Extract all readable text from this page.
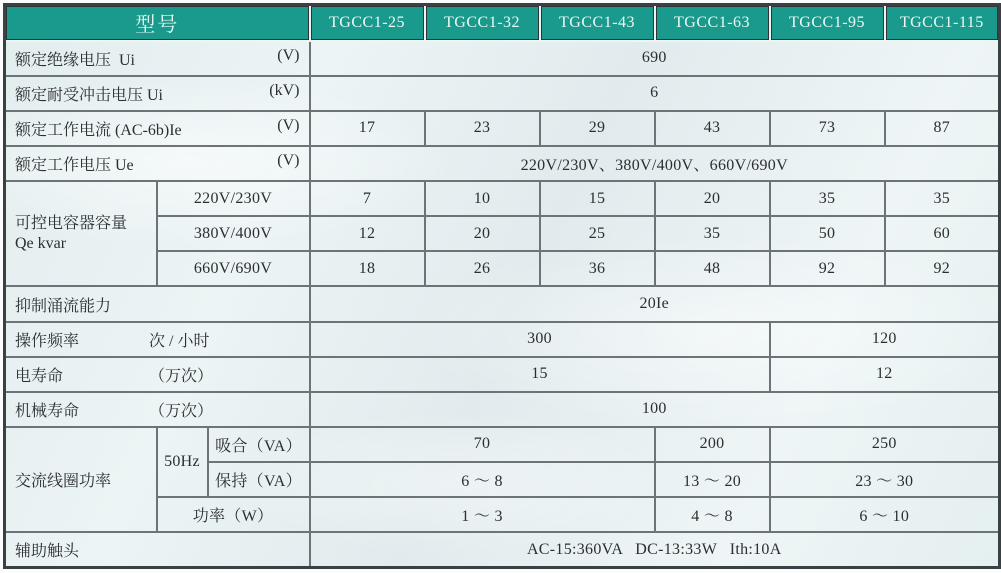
型号			TGCC1-25	TGCC1-32	TGCC1-43	TGCC1-63	TGCC1-95	TGCC1-115

(V)
额定绝缘电压  Ui			690					

(kV)
额定耐受冲击电压 Ui			6					

(V)
额定工作电流 (AC-6b)Ie			17	23	29	43	73	87

(V)
额定工作电压 Ue			220V/230V、380V/400V、660V/690V					

可控电容器容量
Qe kvar	220V/230V		7	10	15	20	35	35
	380V/400V		12	20	25	35	50	60
	660V/690V		18	26	36	48	92	92
抑制涌流能力			20Ie					
操作频率 次 / 小时			300				120	
电寿命 （万次）			15				12	
机械寿命 （万次）			100					
交流线圈功率	50Hz	吸合（VA）	70			200	250	
		保持（VA）	6 ～ 8			13 ～ 20	23 ～ 30	
	功率（W）		1 ～ 3			4 ～ 8	6 ～ 10	
辅助触头			AC-15:360VA   DC-13:33W   Ith:10A					
